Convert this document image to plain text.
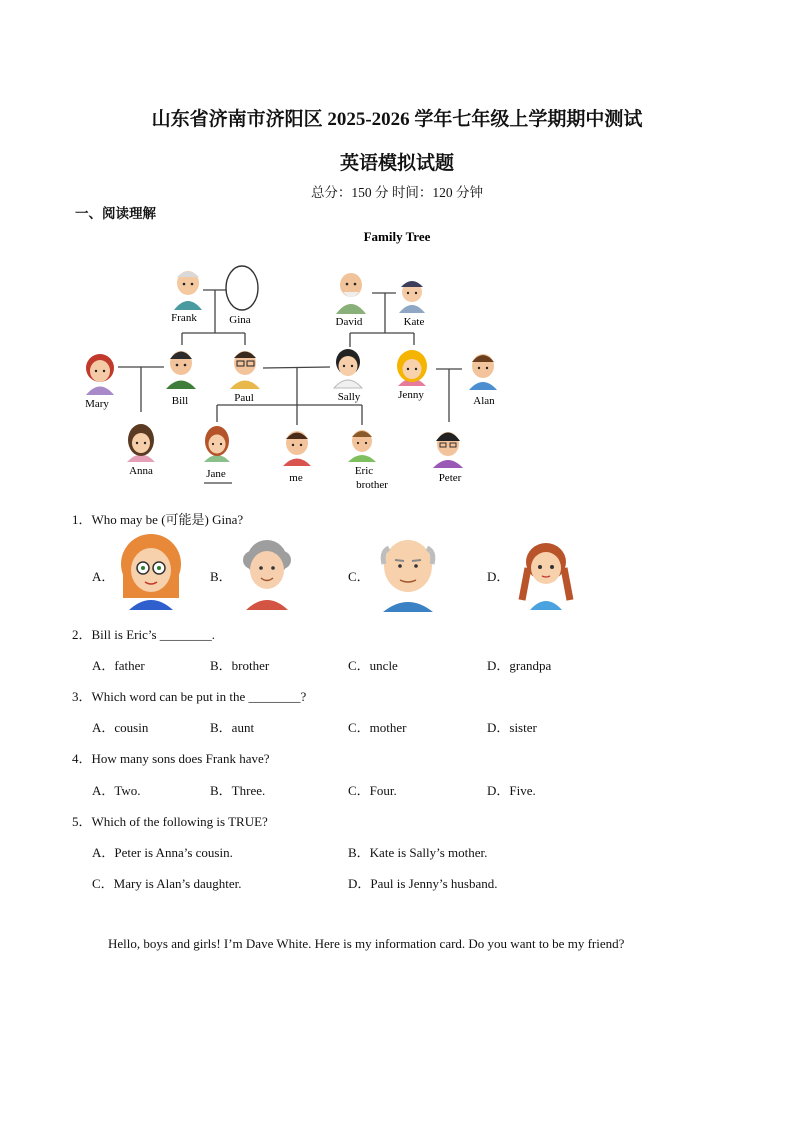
山东省济南市济阳区 2025-2026 学年七年级上学期期中测试
英语模拟试题
总分：150 分 时间：120 分钟
一、阅读理解
Family Tree
Frank	Gina	David	Kate
Mary	Bill	Paul	Sally	Jenny	Alan
Anna	Jane	me
Eric
brother
Peter
1．Who may be (可能是) Gina?
A．	B．	C．	D．
2．Bill is Eric’s ________.
A．father	B．brother	C．uncle	D．grandpa
3．Which word can be put in the ________?
A．cousin	B．aunt	C．mother	D．sister
4．How many sons does Frank have?
A．Two.	B．Three.	C．Four.	D．Five.
5．Which of the following is TRUE?
A．Peter is Anna’s cousin.	B．Kate is Sally’s mother.
C．Mary is Alan’s daughter.	D．Paul is Jenny’s husband.
Hello, boys and girls! I’m Dave White. Here is my information card. Do you want to be my friend?
